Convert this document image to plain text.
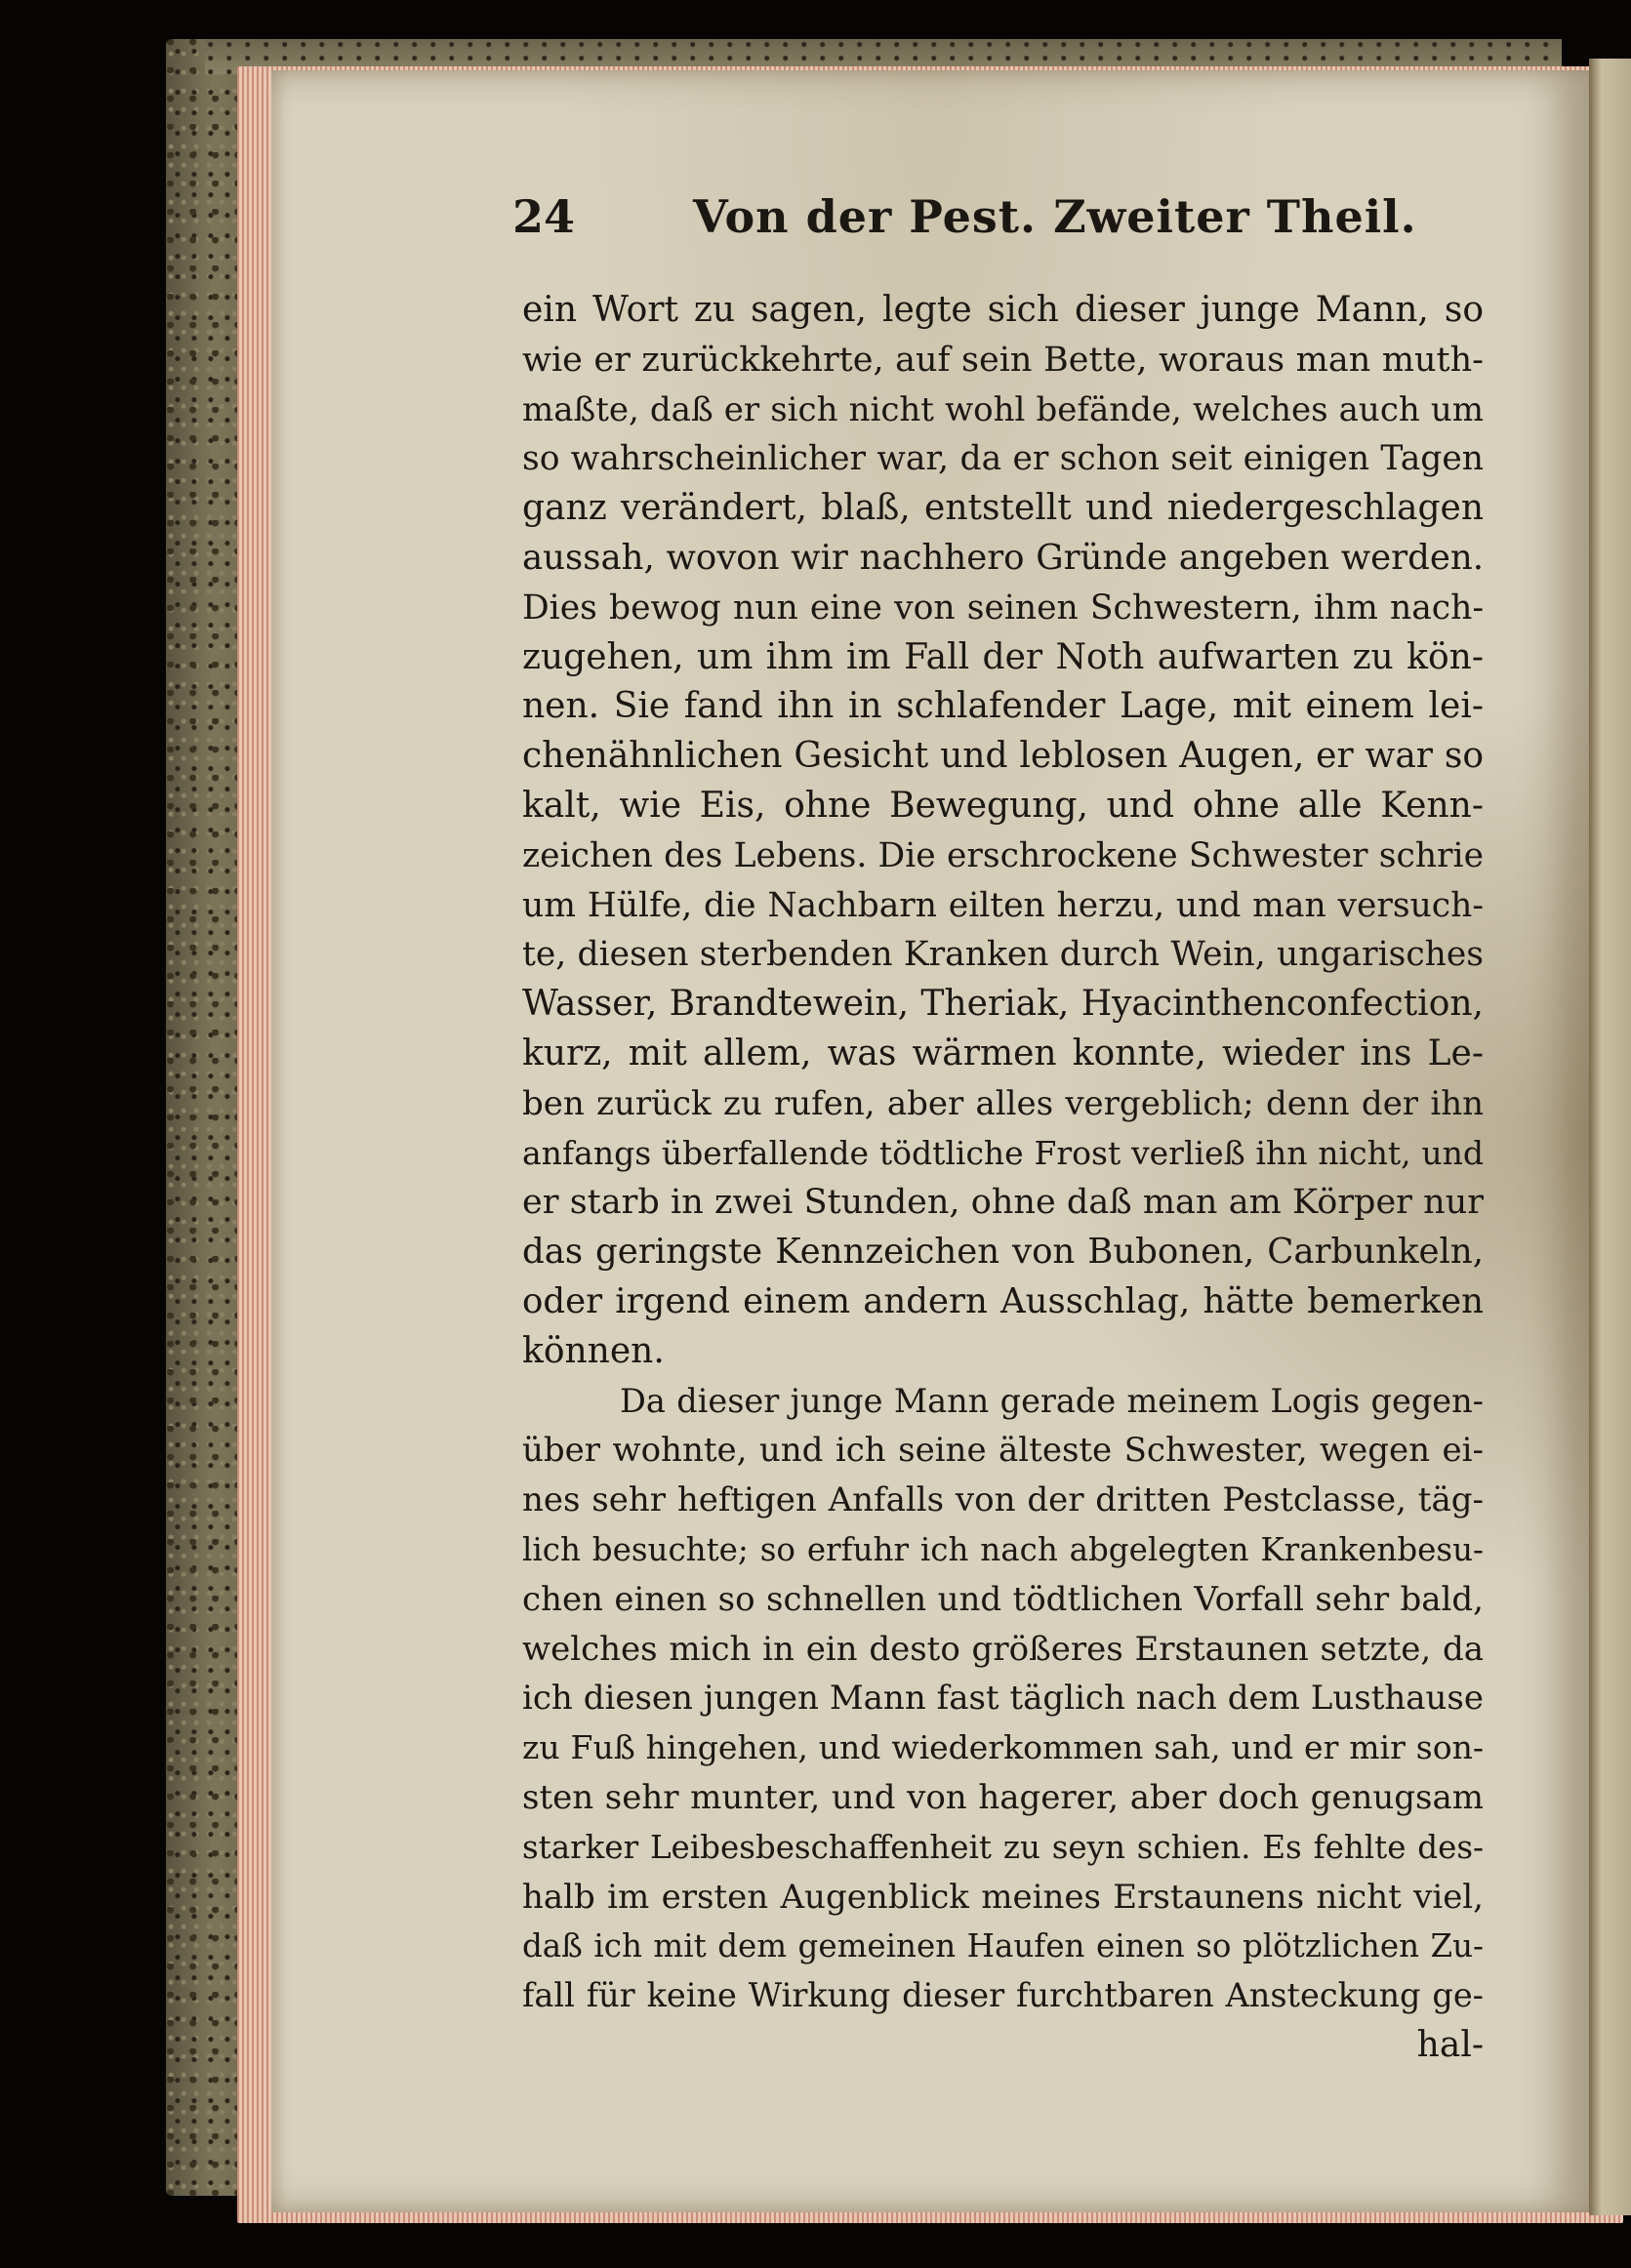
24	Von der Pest. Zweiter Theil.
ein Wort zu sagen, legte sich dieser junge Mann, so
wie er zurückkehrte, auf sein Bette, woraus man muth-
maßte, daß er sich nicht wohl befände, welches auch um
so wahrscheinlicher war, da er schon seit einigen Tagen
ganz verändert, blaß, entstellt und niedergeschlagen
aussah, wovon wir nachhero Gründe angeben werden.
Dies bewog nun eine von seinen Schwestern, ihm nach-
zugehen, um ihm im Fall der Noth aufwarten zu kön-
nen. Sie fand ihn in schlafender Lage, mit einem lei-
chenähnlichen Gesicht und leblosen Augen, er war so
kalt, wie Eis, ohne Bewegung, und ohne alle Kenn-
zeichen des Lebens. Die erschrockene Schwester schrie
um Hülfe, die Nachbarn eilten herzu, und man versuch-
te, diesen sterbenden Kranken durch Wein, ungarisches
Wasser, Brandtewein, Theriak, Hyacinthenconfection,
kurz, mit allem, was wärmen konnte, wieder ins Le-
ben zurück zu rufen, aber alles vergeblich; denn der ihn
anfangs überfallende tödtliche Frost verließ ihn nicht, und
er starb in zwei Stunden, ohne daß man am Körper nur
das geringste Kennzeichen von Bubonen, Carbunkeln,
oder irgend einem andern Ausschlag, hätte bemerken
können.
Da dieser junge Mann gerade meinem Logis gegen-
über wohnte, und ich seine älteste Schwester, wegen ei-
nes sehr heftigen Anfalls von der dritten Pestclasse, täg-
lich besuchte; so erfuhr ich nach abgelegten Krankenbesu-
chen einen so schnellen und tödtlichen Vorfall sehr bald,
welches mich in ein desto größeres Erstaunen setzte, da
ich diesen jungen Mann fast täglich nach dem Lusthause
zu Fuß hingehen, und wiederkommen sah, und er mir son-
sten sehr munter, und von hagerer, aber doch genugsam
starker Leibesbeschaffenheit zu seyn schien. Es fehlte des-
halb im ersten Augenblick meines Erstaunens nicht viel,
daß ich mit dem gemeinen Haufen einen so plötzlichen Zu-
fall für keine Wirkung dieser furchtbaren Ansteckung ge-
hal-
